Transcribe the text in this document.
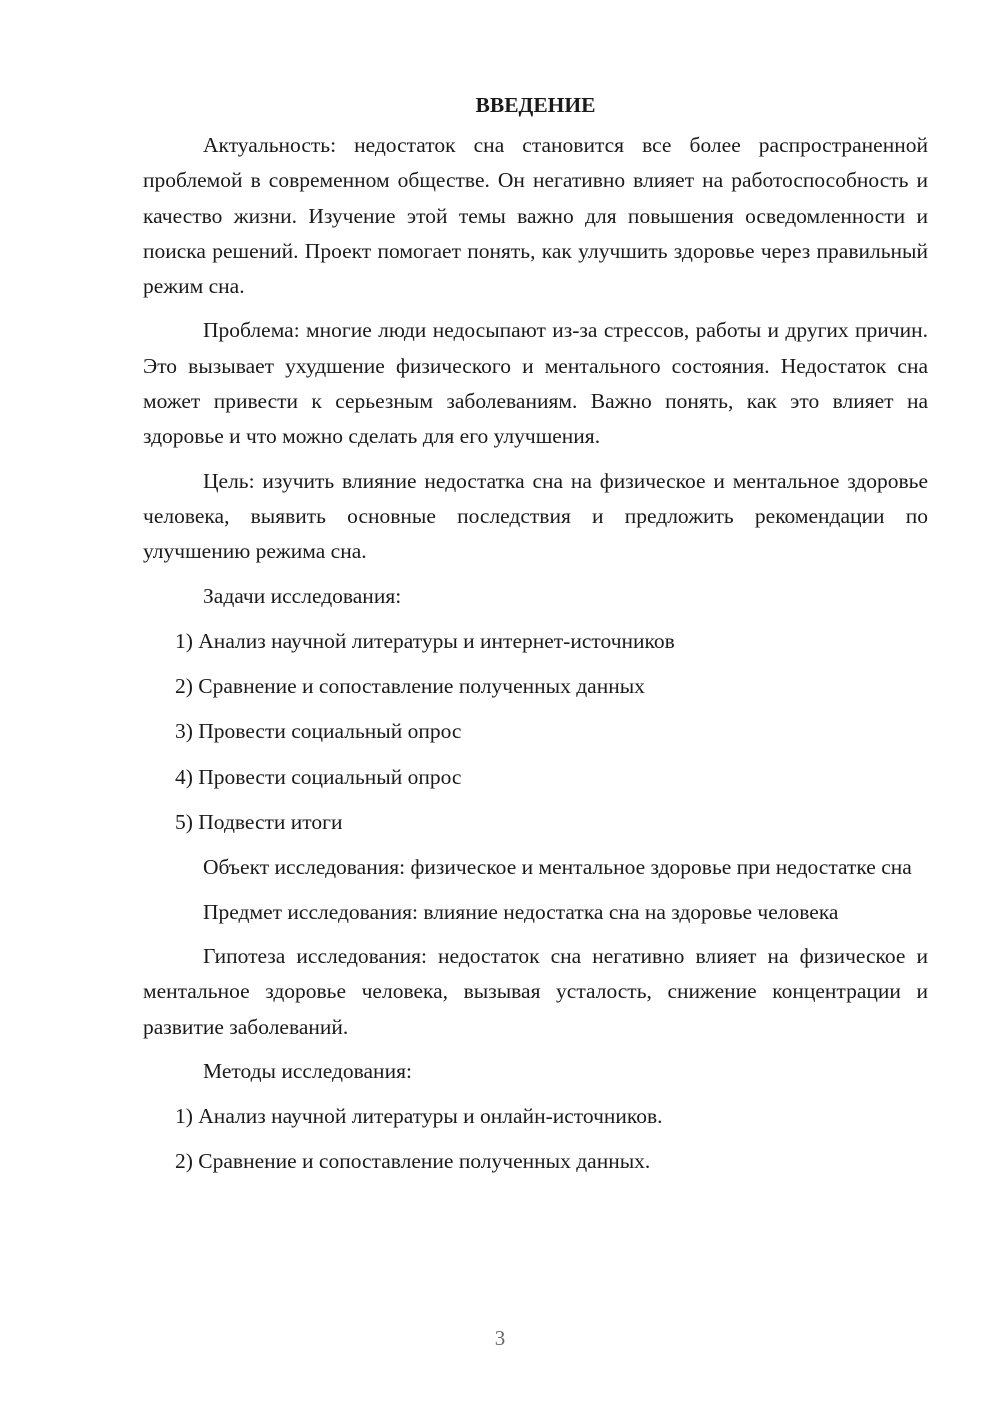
ВВЕДЕНИЕ

Актуальность: недостаток сна становится все более распространенной проблемой в современном обществе. Он негативно влияет на работоспособность и качество жизни. Изучение этой темы важно для повышения осведомленности и поиска решений. Проект помогает понять, как улучшить здоровье через правильный режим сна.

Проблема: многие люди недосыпают из-за стрессов, работы и других причин. Это вызывает ухудшение физического и ментального состояния. Недостаток сна может привести к серьезным заболеваниям. Важно понять, как это влияет на здоровье и что можно сделать для его улучшения.

Цель: изучить влияние недостатка сна на физическое и ментальное здоровье человека, выявить основные последствия и предложить рекомендации по улучшению режима сна.

Задачи исследования:

1) Анализ научной литературы и интернет-источников

2) Сравнение и сопоставление полученных данных

3) Провести социальный опрос

4) Провести социальный опрос

5) Подвести итоги

Объект исследования: физическое и ментальное здоровье при недостатке сна

Предмет исследования: влияние недостатка сна на здоровье человека

Гипотеза исследования: недостаток сна негативно влияет на физическое и ментальное здоровье человека, вызывая усталость, снижение концентрации и развитие заболеваний.

Методы исследования:

1) Анализ научной литературы и онлайн-источников.

2) Сравнение и сопоставление полученных данных.

3
